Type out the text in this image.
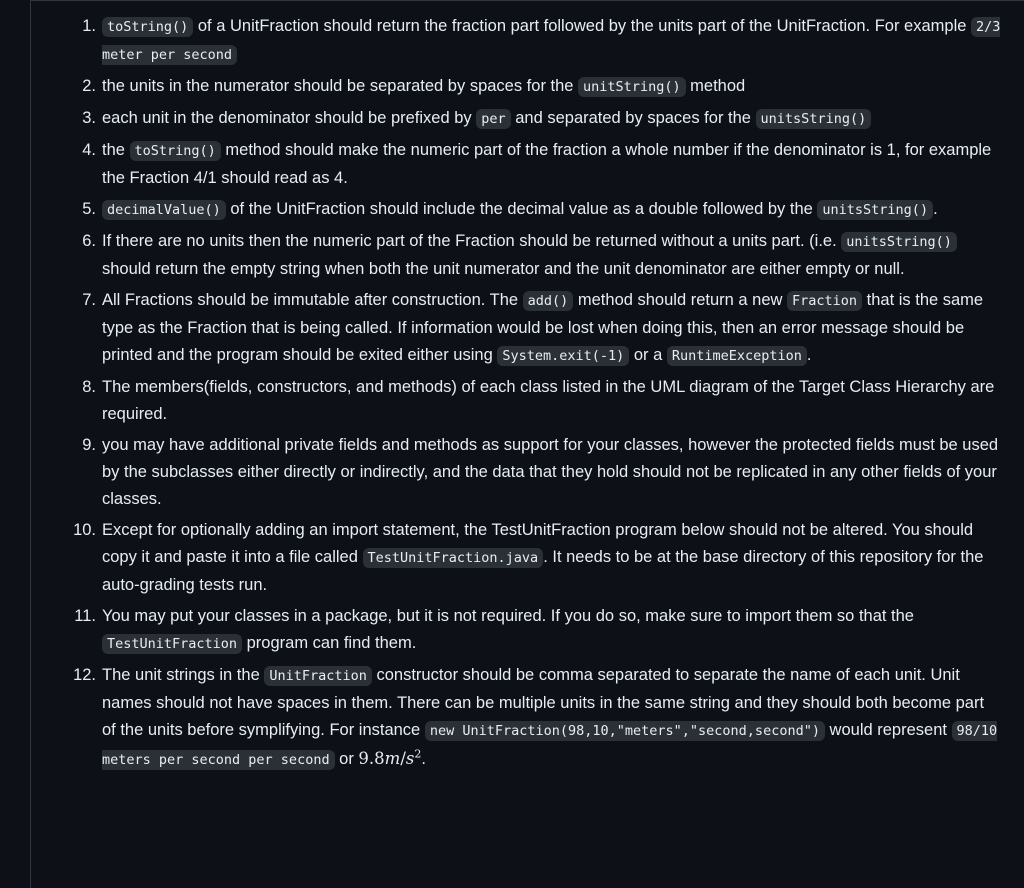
1. toString() of a UnitFraction should return the fraction part followed by the units part of the UnitFraction. For example 2/3 meter per second
2. the units in the numerator should be separated by spaces for the unitString() method
3. each unit in the denominator should be prefixed by per and separated by spaces for the unitsString()
4. the toString() method should make the numeric part of the fraction a whole number if the denominator is 1, for example the Fraction 4/1 should read as 4.
5. decimalValue() of the UnitFraction should include the decimal value as a double followed by the unitsString() .
6. If there are no units then the numeric part of the Fraction should be returned without a units part. (i.e. unitsString() should return the empty string when both the unit numerator and the unit denominator are either empty or null.
7. All Fractions should be immutable after construction. The add() method should return a new Fraction that is the same type as the Fraction that is being called. If information would be lost when doing this, then an error message should be printed and the program should be exited either using System.exit(-1) or a RuntimeException .
8. The members(fields, constructors, and methods) of each class listed in the UML diagram of the Target Class Hierarchy are required.
9. you may have additional private fields and methods as support for your classes, however the protected fields must be used by the subclasses either directly or indirectly, and the data that they hold should not be replicated in any other fields of your classes.
10. Except for optionally adding an import statement, the TestUnitFraction program below should not be altered. You should copy it and paste it into a file called TestUnitFraction.java . It needs to be at the base directory of this repository for the auto-grading tests run.
11. You may put your classes in a package, but it is not required. If you do so, make sure to import them so that the TestUnitFraction program can find them.
12. The unit strings in the UnitFraction constructor should be comma separated to separate the name of each unit. Unit names should not have spaces in them. There can be multiple units in the same string and they should both become part of the units before symplifying. For instance new UnitFraction(98,10,"meters","second,second") would represent 98/10 meters per second per second or $9.8m/s^2$.
